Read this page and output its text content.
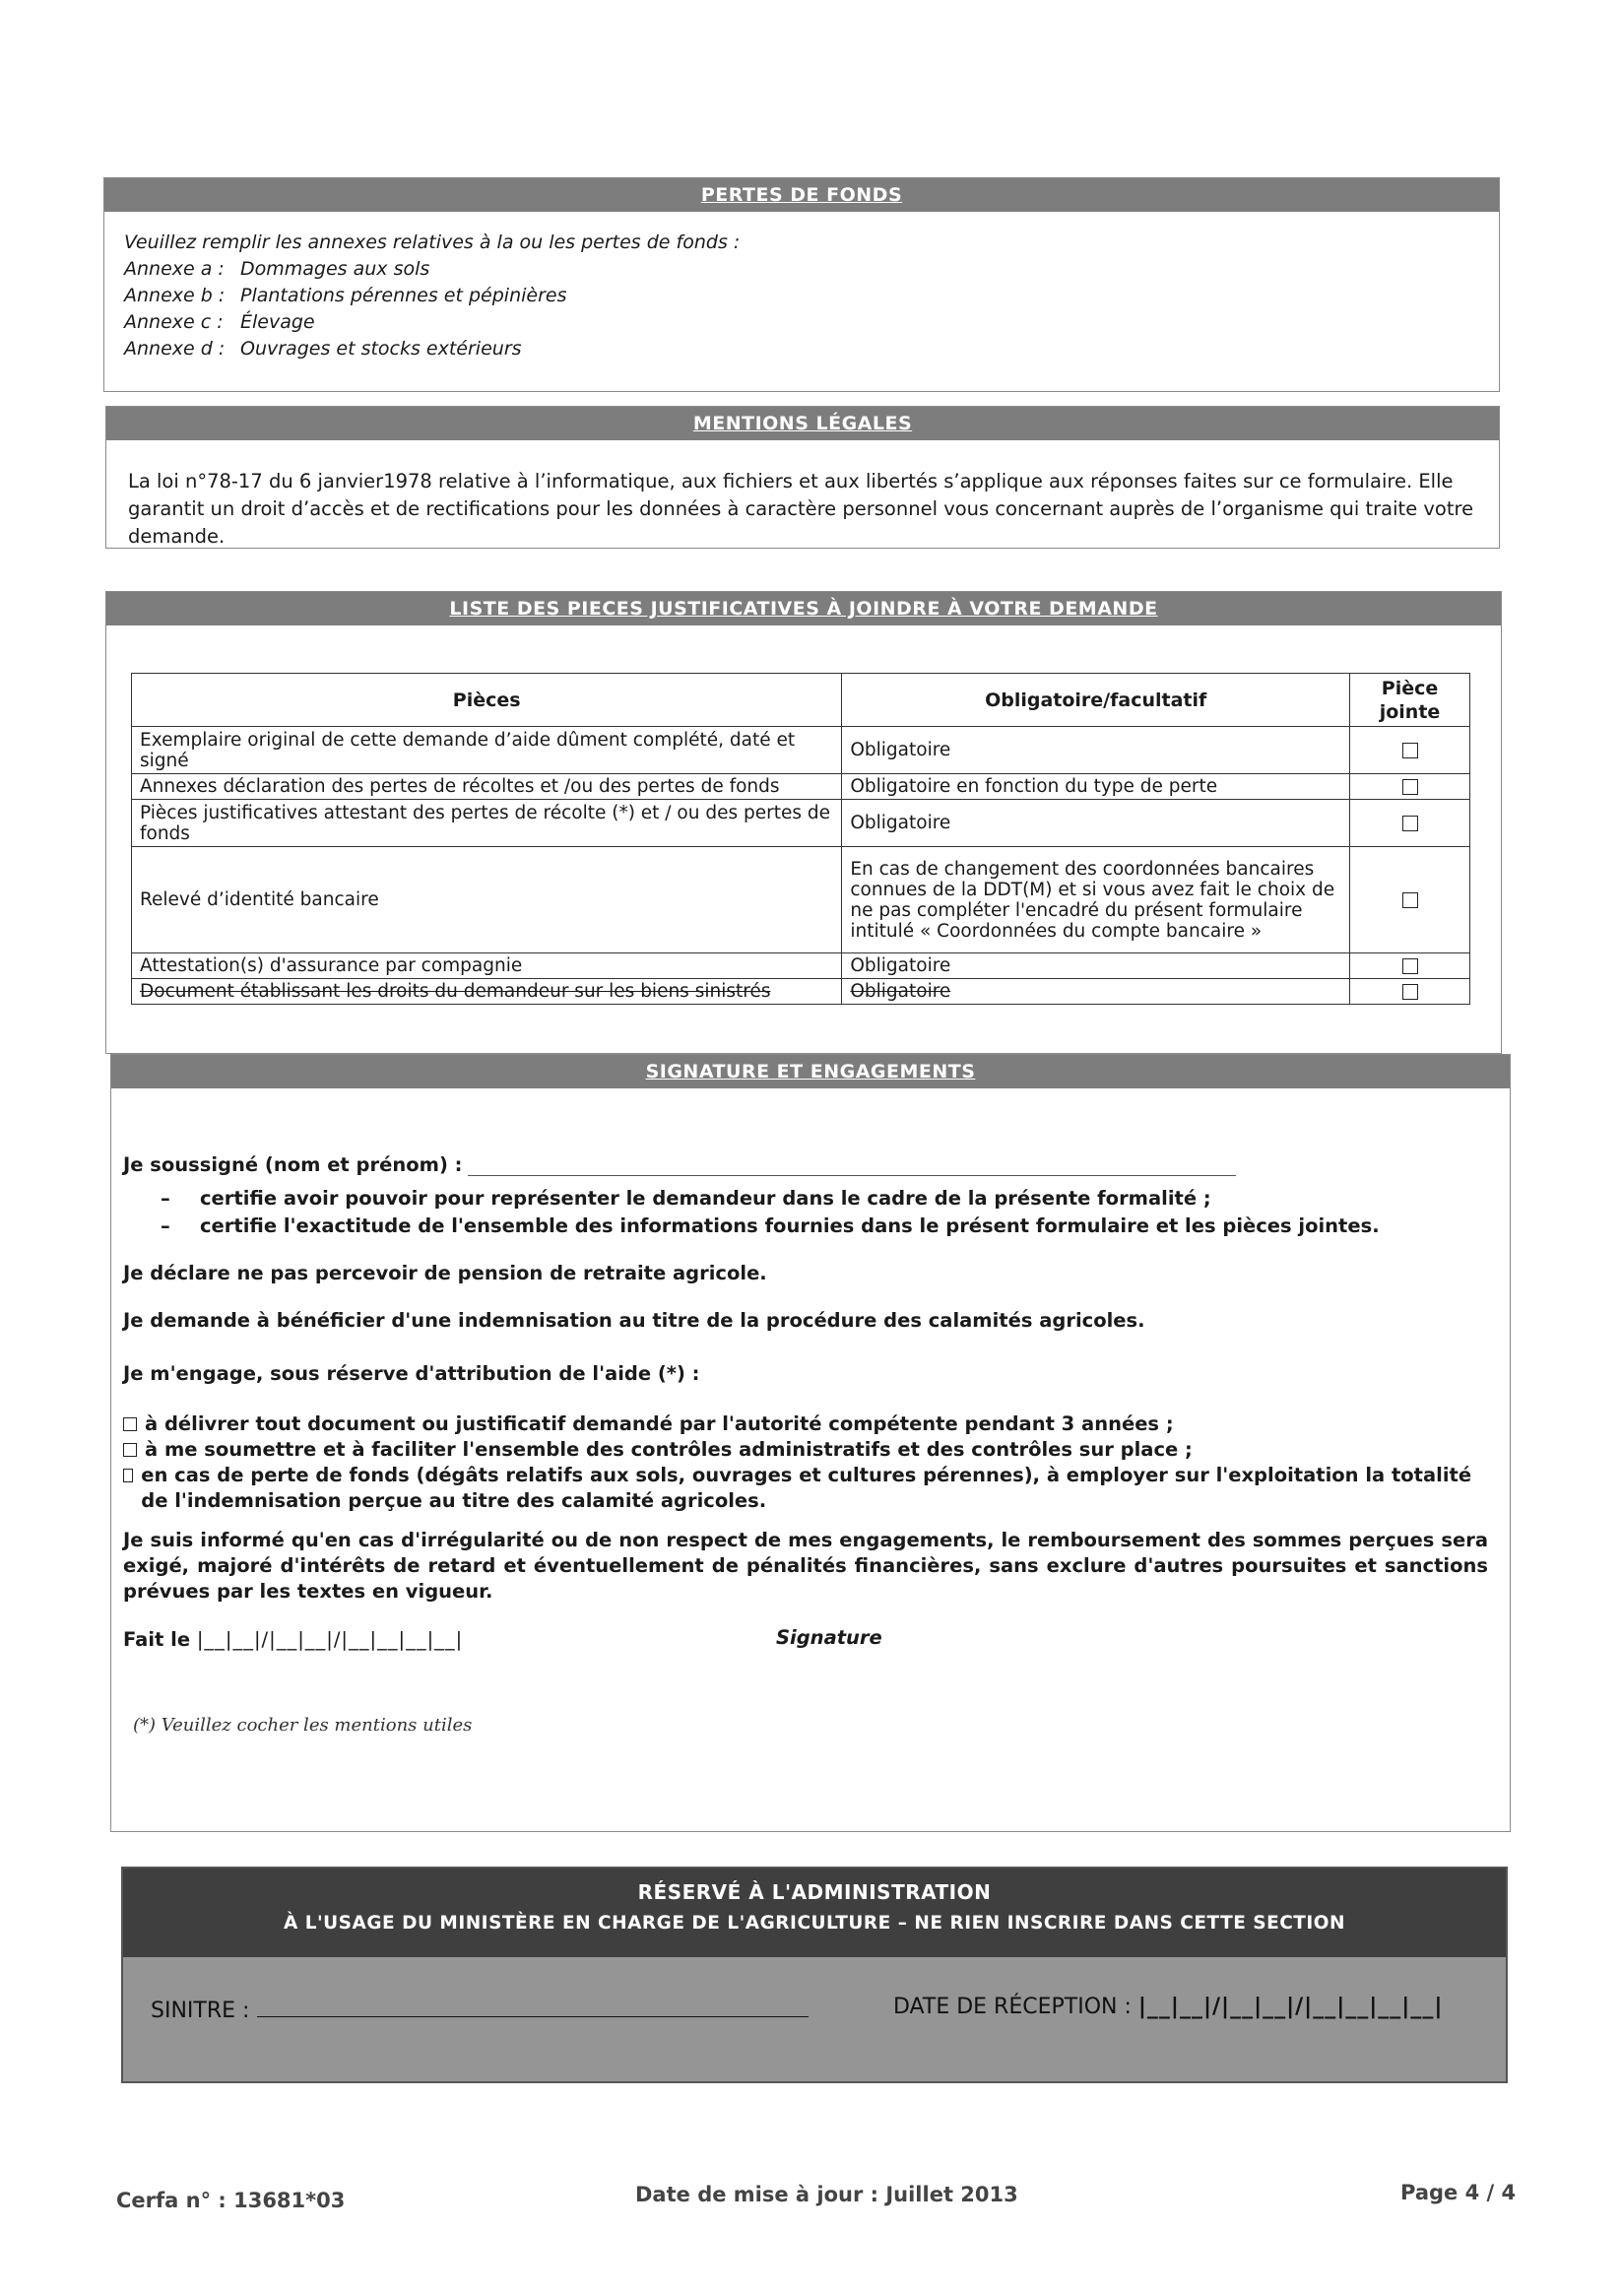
PERTES DE FONDS
Veuillez remplir les annexes relatives à la ou les pertes de fonds :
Annexe a : Dommages aux sols
Annexe b : Plantations pérennes et pépinières
Annexe c : Élevage
Annexe d : Ouvrages et stocks extérieurs
MENTIONS LÉGALES
La loi n°78-17 du 6 janvier1978 relative à l’informatique, aux fichiers et aux libertés s’applique aux réponses faites sur ce formulaire. Elle garantit un droit d’accès et de rectifications pour les données à caractère personnel vous concernant auprès de l’organisme qui traite votre demande.
LISTE DES PIECES JUSTIFICATIVES À JOINDRE À VOTRE DEMANDE
Pièces	Obligatoire/facultatif	Pièce jointe
Exemplaire original de cette demande d’aide dûment complété, daté et signé	Obligatoire	
Annexes déclaration des pertes de récoltes et /ou des pertes de fonds	Obligatoire en fonction du type de perte	
Pièces justificatives attestant des pertes de récolte (*) et / ou des pertes de fonds	Obligatoire	
Relevé d’identité bancaire	En cas de changement des coordonnées bancaires connues de la DDT(M) et si vous avez fait le choix de ne pas compléter l'encadré du présent formulaire intitulé « Coordonnées du compte bancaire »	
Attestation(s) d'assurance par compagnie	Obligatoire	
Document établissant les droits du demandeur sur les biens sinistrés	Obligatoire	
SIGNATURE ET ENGAGEMENTS
Je soussigné (nom et prénom) :
– certifie avoir pouvoir pour représenter le demandeur dans le cadre de la présente formalité ;
– certifie l'exactitude de l'ensemble des informations fournies dans le présent formulaire et les pièces jointes.
Je déclare ne pas percevoir de pension de retraite agricole.
Je demande à bénéficier d'une indemnisation au titre de la procédure des calamités agricoles.
Je m'engage, sous réserve d'attribution de l'aide (*) :
à délivrer tout document ou justificatif demandé par l'autorité compétente pendant 3 années ;
à me soumettre et à faciliter l'ensemble des contrôles administratifs et des contrôles sur place ;
en cas de perte de fonds (dégâts relatifs aux sols, ouvrages et cultures pérennes), à employer sur l'exploitation la totalité de l'indemnisation perçue au titre des calamité agricoles.
Je suis informé qu'en cas d'irrégularité ou de non respect de mes engagements, le remboursement des sommes perçues sera exigé, majoré d'intérêts de retard et éventuellement de pénalités financières, sans exclure d'autres poursuites et sanctions prévues par les textes en vigueur.
Fait le |__|__|/|__|__|/|__|__|__|__|	Signature
(*) Veuillez cocher les mentions utiles
RÉSERVÉ À L'ADMINISTRATION
À L'USAGE DU MINISTÈRE EN CHARGE DE L'AGRICULTURE – NE RIEN INSCRIRE DANS CETTE SECTION
SINITRE :	DATE DE RÉCEPTION : |__|__|/|__|__|/|__|__|__|__|
Cerfa n° : 13681*03	Date de mise à jour : Juillet 2013	Page 4 / 4
